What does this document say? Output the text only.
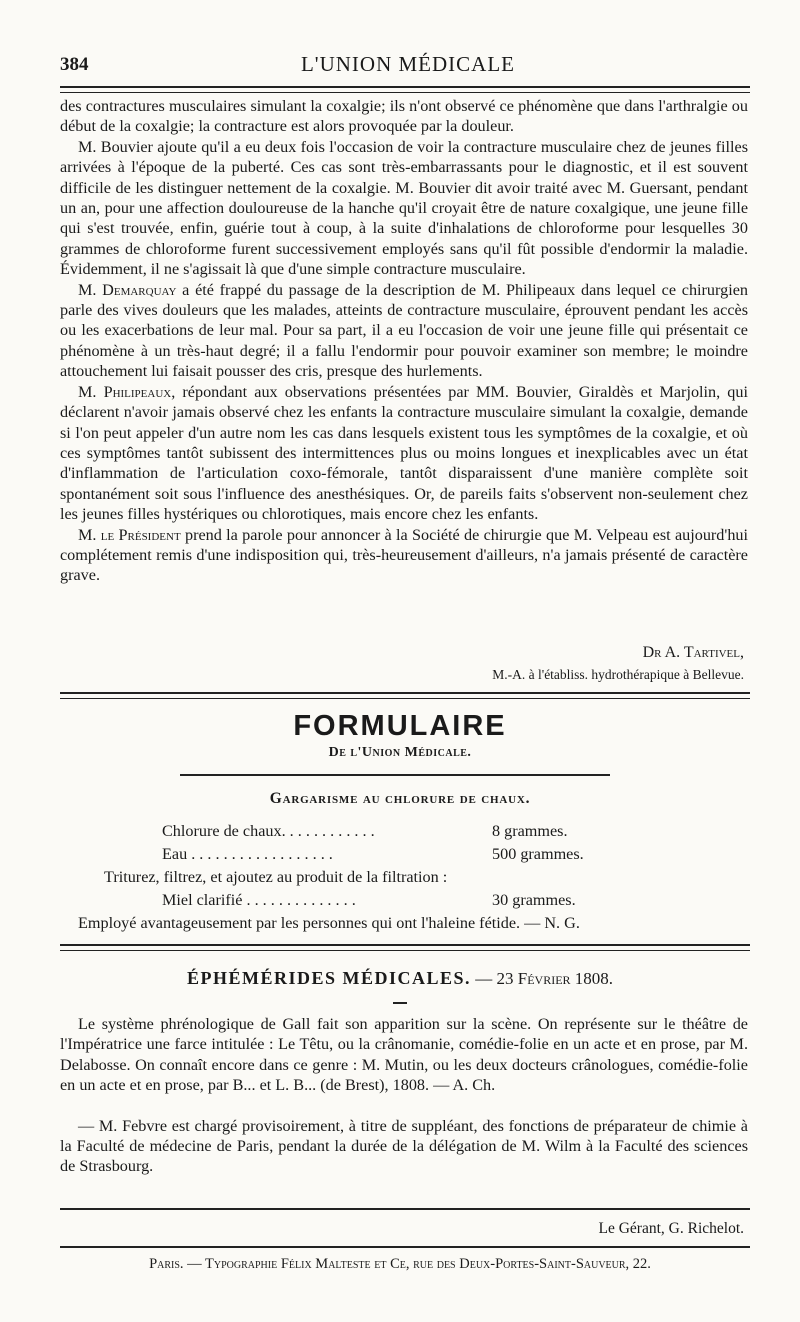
384	L'UNION MÉDICALE

des contractures musculaires simulant la coxalgie; ils n'ont observé ce phénomène que dans l'arthralgie ou début de la coxalgie; la contracture est alors provoquée par la douleur.

M. Bouvier ajoute qu'il a eu deux fois l'occasion de voir la contracture musculaire chez de jeunes filles arrivées à l'époque de la puberté. Ces cas sont très-embarrassants pour le diagnostic, et il est souvent difficile de les distinguer nettement de la coxalgie. M. Bouvier dit avoir traité avec M. Guersant, pendant un an, pour une affection douloureuse de la hanche qu'il croyait être de nature coxalgique, une jeune fille qui s'est trouvée, enfin, guérie tout à coup, à la suite d'inhalations de chloroforme pour lesquelles 30 grammes de chloroforme furent successivement employés sans qu'il fût possible d'endormir la maladie. Évidemment, il ne s'agissait là que d'une simple contracture musculaire.

M. Demarquay a été frappé du passage de la description de M. Philipeaux dans lequel ce chirurgien parle des vives douleurs que les malades, atteints de contracture musculaire, éprouvent pendant les accès ou les exacerbations de leur mal. Pour sa part, il a eu l'occasion de voir une jeune fille qui présentait ce phénomène à un très-haut degré; il a fallu l'endormir pour pouvoir examiner son membre; le moindre attouchement lui faisait pousser des cris, presque des hurlements.

M. Philipeaux, répondant aux observations présentées par MM. Bouvier, Giraldès et Marjolin, qui déclarent n'avoir jamais observé chez les enfants la contracture musculaire simulant la coxalgie, demande si l'on peut appeler d'un autre nom les cas dans lesquels existent tous les symptômes de la coxalgie, et où ces symptômes tantôt subissent des intermittences plus ou moins longues et inexplicables avec un état d'inflammation de l'articulation coxo-fémorale, tantôt disparaissent d'une manière complète soit spontanément soit sous l'influence des anesthésiques. Or, de pareils faits s'observent non-seulement chez les jeunes filles hystériques ou chlorotiques, mais encore chez les enfants.

M. le Président prend la parole pour annoncer à la Société de chirurgie que M. Velpeau est aujourd'hui complétement remis d'une indisposition qui, très-heureusement d'ailleurs, n'a jamais présenté de caractère grave.

Dr A. Tartivel,
M.-A. à l'établiss. hydrothérapique à Bellevue.
FORMULAIRE
De l'Union Médicale.
Gargarisme au chlorure de chaux.
Chlorure de chaux. . . . . . . . . . . .	8 grammes.
Eau . . . . . . . . . . . . . . . . . .	500 grammes.
Triturez, filtrez, et ajoutez au produit de la filtration :
Miel clarifié . . . . . . . . . . . . . .	30 grammes.
Employé avantageusement par les personnes qui ont l'haleine fétide. — N. G.
ÉPHÉMÉRIDES MÉDICALES. — 23 Février 1808.

Le système phrénologique de Gall fait son apparition sur la scène. On représente sur le théâtre de l'Impératrice une farce intitulée : Le Têtu, ou la crânomanie, comédie-folie en un acte et en prose, par M. Delabosse. On connaît encore dans ce genre : M. Mutin, ou les deux docteurs crânologues, comédie-folie en un acte et en prose, par B... et L. B... (de Brest), 1808. — A. Ch.

— M. Febvre est chargé provisoirement, à titre de suppléant, des fonctions de préparateur de chimie à la Faculté de médecine de Paris, pendant la durée de la délégation de M. Wilm à la Faculté des sciences de Strasbourg.

Le Gérant, G. Richelot.
Paris. — Typographie Félix Malteste et Ce, rue des Deux-Portes-Saint-Sauveur, 22.
